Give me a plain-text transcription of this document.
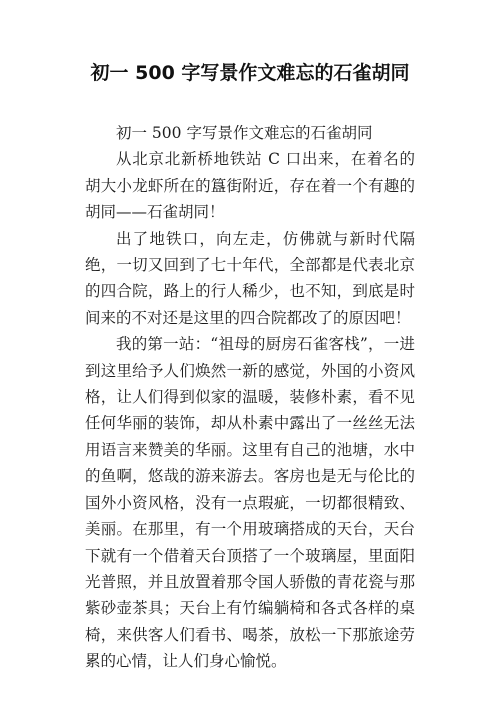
初一 500 字写景作文难忘的石雀胡同

初一 500 字写景作文难忘的石雀胡同

从北京北新桥地铁站 C 口出来，在着名的胡大小龙虾所在的簋街附近，存在着一个有趣的胡同——石雀胡同！

出了地铁口，向左走，仿佛就与新时代隔绝，一切又回到了七十年代，全部都是代表北京的四合院，路上的行人稀少，也不知，到底是时间来的不对还是这里的四合院都改了的原因吧！

我的第一站：“祖母的厨房石雀客栈”，一进到这里给予人们焕然一新的感觉，外国的小资风格，让人们得到似家的温暖，装修朴素，看不见任何华丽的装饰，却从朴素中露出了一丝丝无法用语言来赞美的华丽。这里有自己的池塘，水中的鱼啊，悠哉的游来游去。客房也是无与伦比的国外小资风格，没有一点瑕疵，一切都很精致、美丽。在那里，有一个用玻璃搭成的天台，天台下就有一个借着天台顶搭了一个玻璃屋，里面阳光普照，并且放置着那令国人骄傲的青花瓷与那紫砂壶茶具；天台上有竹编躺椅和各式各样的桌椅，来供客人们看书、喝茶，放松一下那旅途劳累的心情，让人们身心愉悦。
